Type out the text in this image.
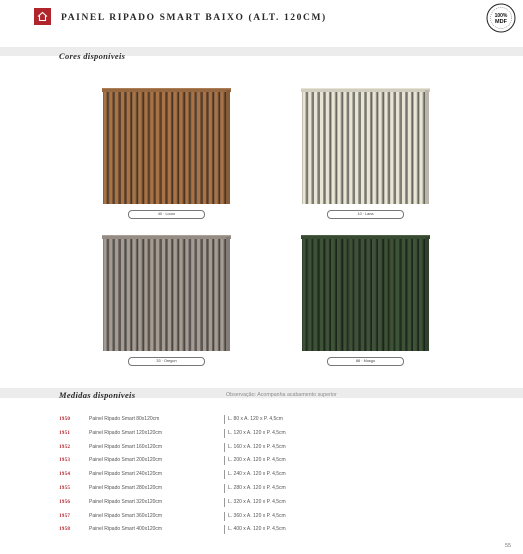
PAINEL RIPADO SMART BAIXO (ALT. 120CM)	100%
MDF
Cores disponíveis
40 · Louro	10 · Lana
33 · Oregon	88 · Musgo
Medidas disponíveis	Observação: Acompanha acabamento superior
1950	Painel Ripado Smart 80x120cm	L. 80 x A. 120 x P. 4,5cm
1951	Painel Ripado Smart 120x120cm	L. 120 x A. 120 x P. 4,5cm
1952	Painel Ripado Smart 160x120cm	L. 160 x A. 120 x P. 4,5cm
1953	Painel Ripado Smart 200x120cm	L. 200 x A. 120 x P. 4,5cm
1954	Painel Ripado Smart 240x120cm	L. 240 x A. 120 x P. 4,5cm
1955	Painel Ripado Smart 280x120cm	L. 280 x A. 120 x P. 4,5cm
1956	Painel Ripado Smart 320x120cm	L. 320 x A. 120 x P. 4,5cm
1957	Painel Ripado Smart 360x120cm	L. 360 x A. 120 x P. 4,5cm
1958	Painel Ripado Smart 400x120cm	L. 400 x A. 120 x P. 4,5cm
55
